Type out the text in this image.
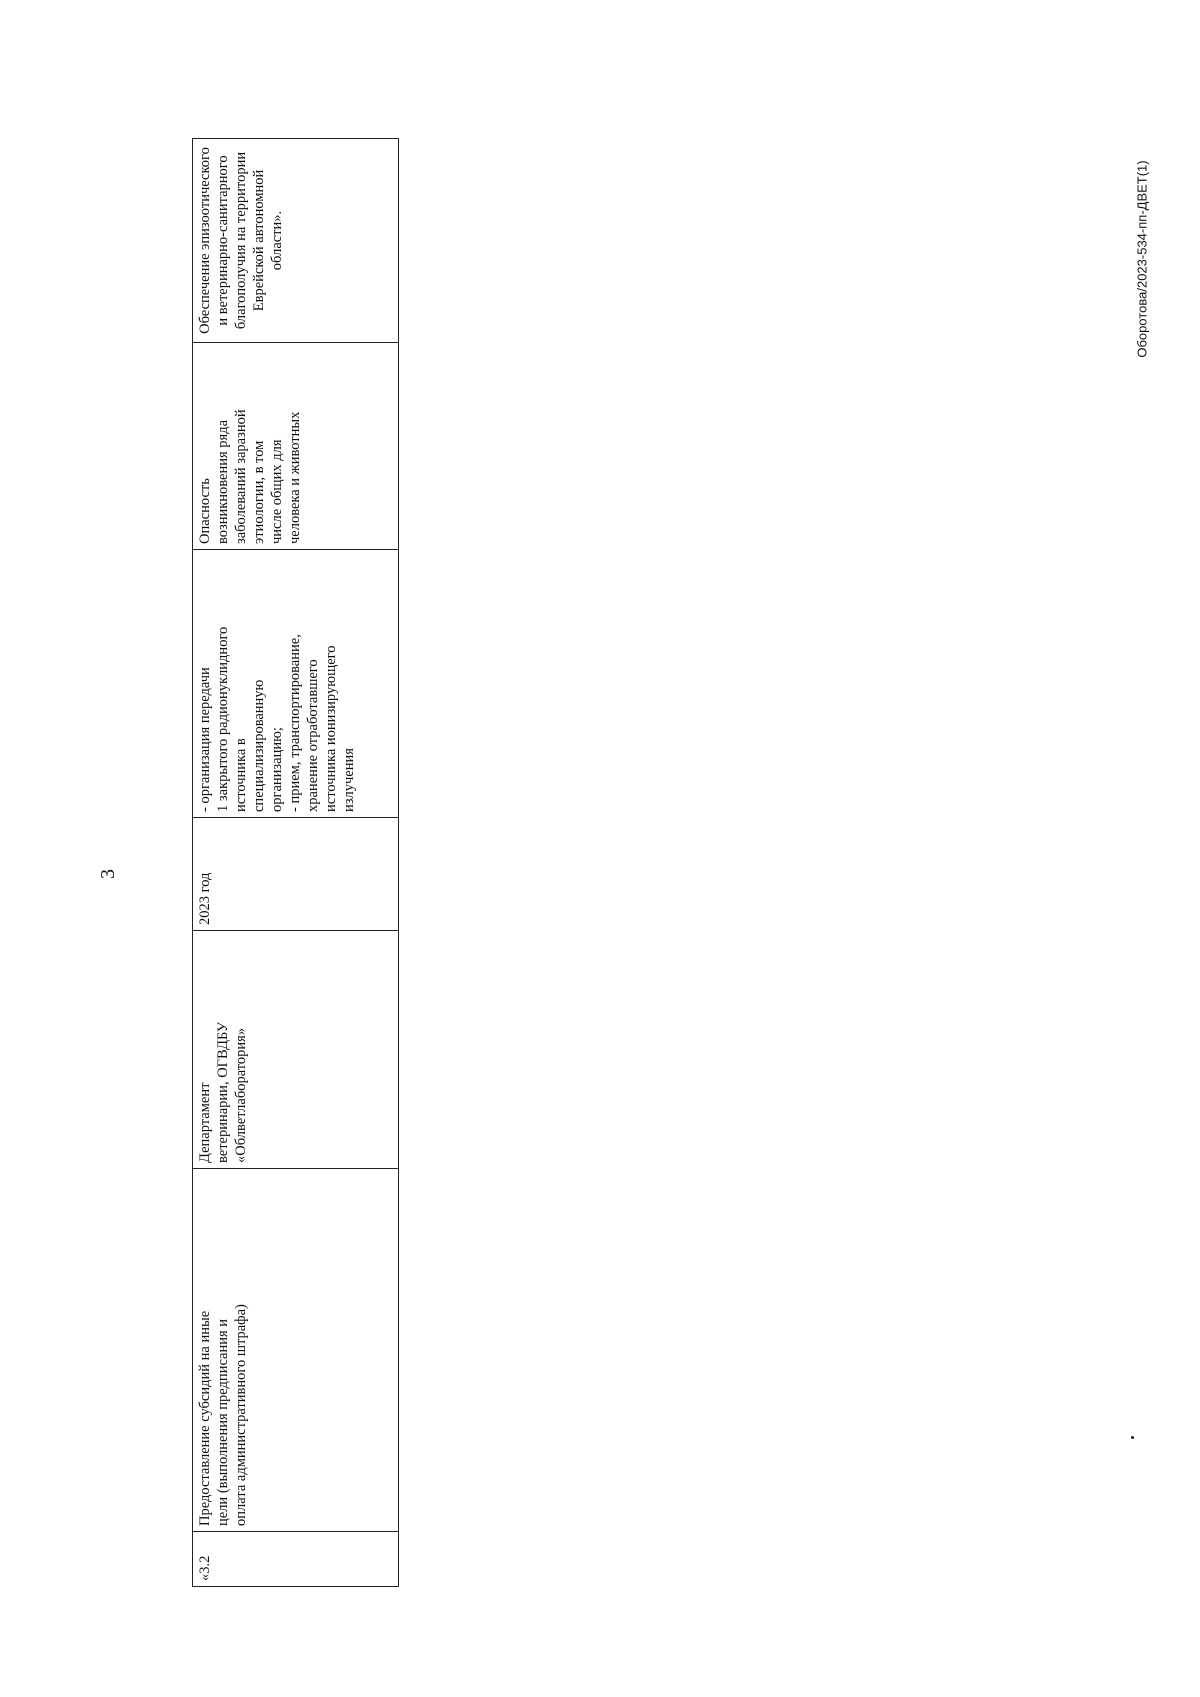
3
«3.2

Предоставление субсидий на иные
цели (выполнения предписания и
оплата административного штрафа)

Департамент
ветеринарии, ОГВДБУ
«Облветлаборатория»

2023 год

- организация передачи
1 закрытого радионуклидного
источника в
специализированную
организацию;
- прием, транспортирование,
хранение отработавшего
источника ионизирующего
излучения

Опасность
возникновения ряда
заболеваний заразной
этиологии, в том
числе общих для
человека и животных

Обеспечение эпизоотического
и ветеринарно-санитарного
благополучия на территории
Еврейской автономной
области».	Оборотова/2023-534-пп-ДВЕТ(1)
